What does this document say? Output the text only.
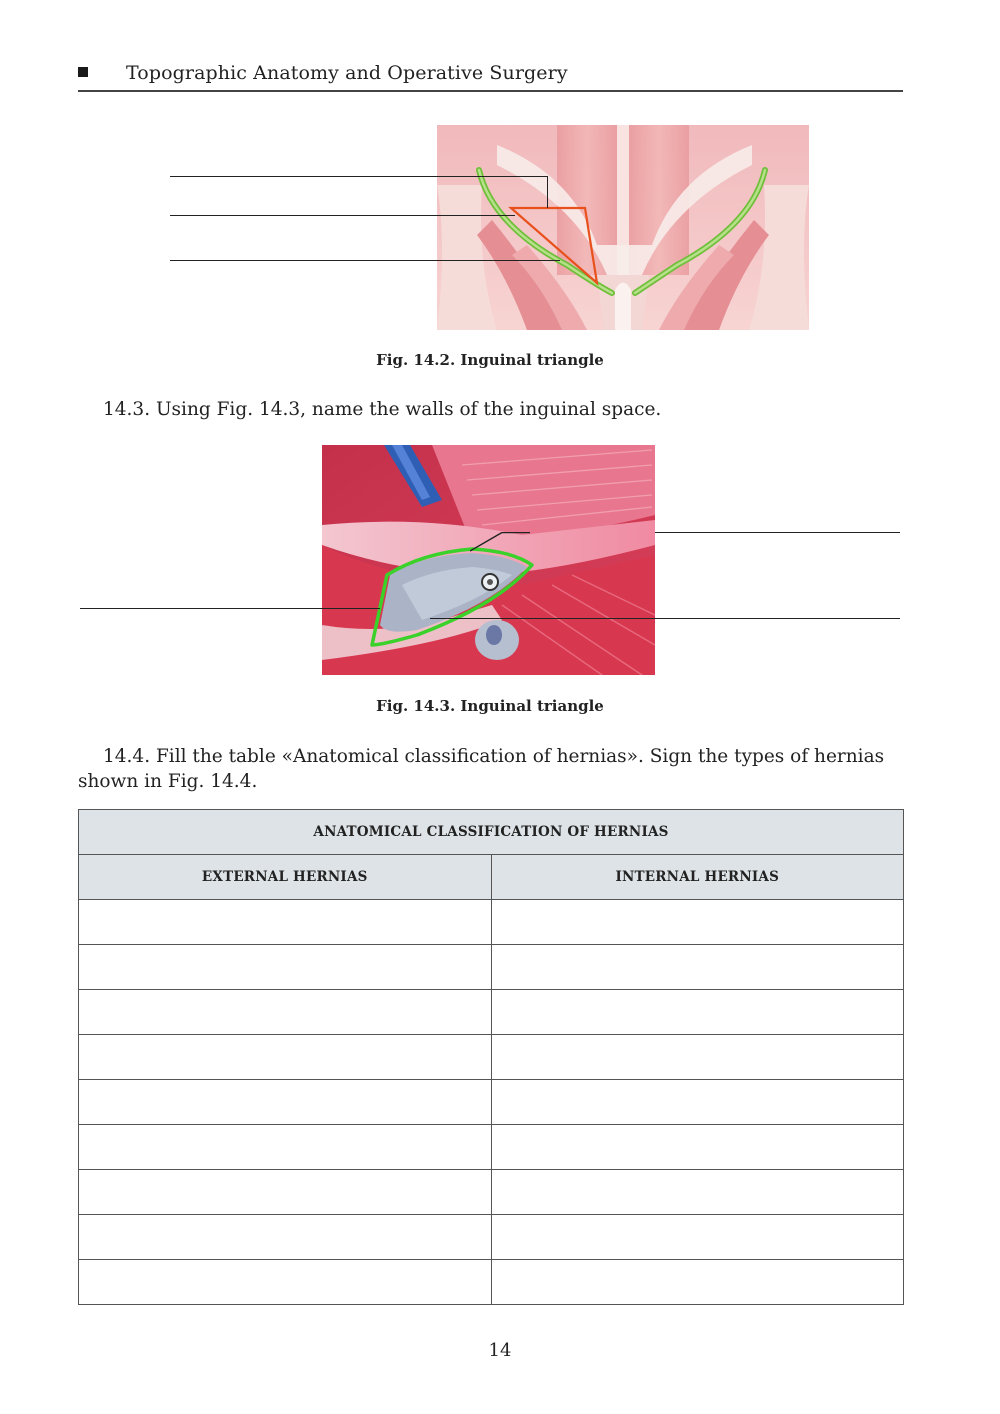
Topographic Anatomy and Operative Surgery
Fig. 14.2. Inguinal triangle
14.3. Using Fig. 14.3, name the walls of the inguinal space.
Fig. 14.3. Inguinal triangle
14.4. Fill the table «Anatomical classification of hernias». Sign the types of hernias
shown in Fig. 14.4.
ANATOMICAL CLASSIFICATION OF HERNIAS	
EXTERNAL HERNIAS	INTERNAL HERNIAS

14
